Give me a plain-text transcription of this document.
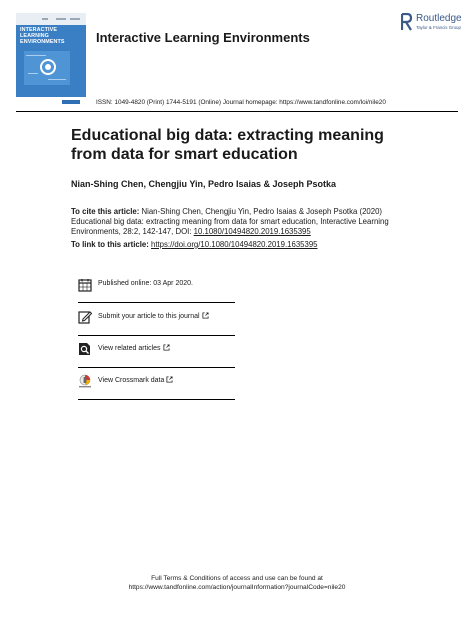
INTERACTIVE
LEARNING
ENVIRONMENTS	Interactive Learning Environments
Routledge
Taylor & Francis Group
ISSN: 1049-4820 (Print) 1744-5191 (Online) Journal homepage: https://www.tandfonline.com/loi/nile20
Educational big data: extracting meaning from data for smart education
Nian-Shing Chen, Chengjiu Yin, Pedro Isaias & Joseph Psotka
To cite this article: Nian-Shing Chen, Chengjiu Yin, Pedro Isaias & Joseph Psotka (2020) Educational big data: extracting meaning from data for smart education, Interactive Learning Environments, 28:2, 142-147, DOI: 10.1080/10494820.2019.1635395
To link to this article: https://doi.org/10.1080/10494820.2019.1635395
Published online: 03 Apr 2020.
Submit your article to this journal
View related articles
View Crossmark data
Full Terms & Conditions of access and use can be found at
https://www.tandfonline.com/action/journalInformation?journalCode=nile20
